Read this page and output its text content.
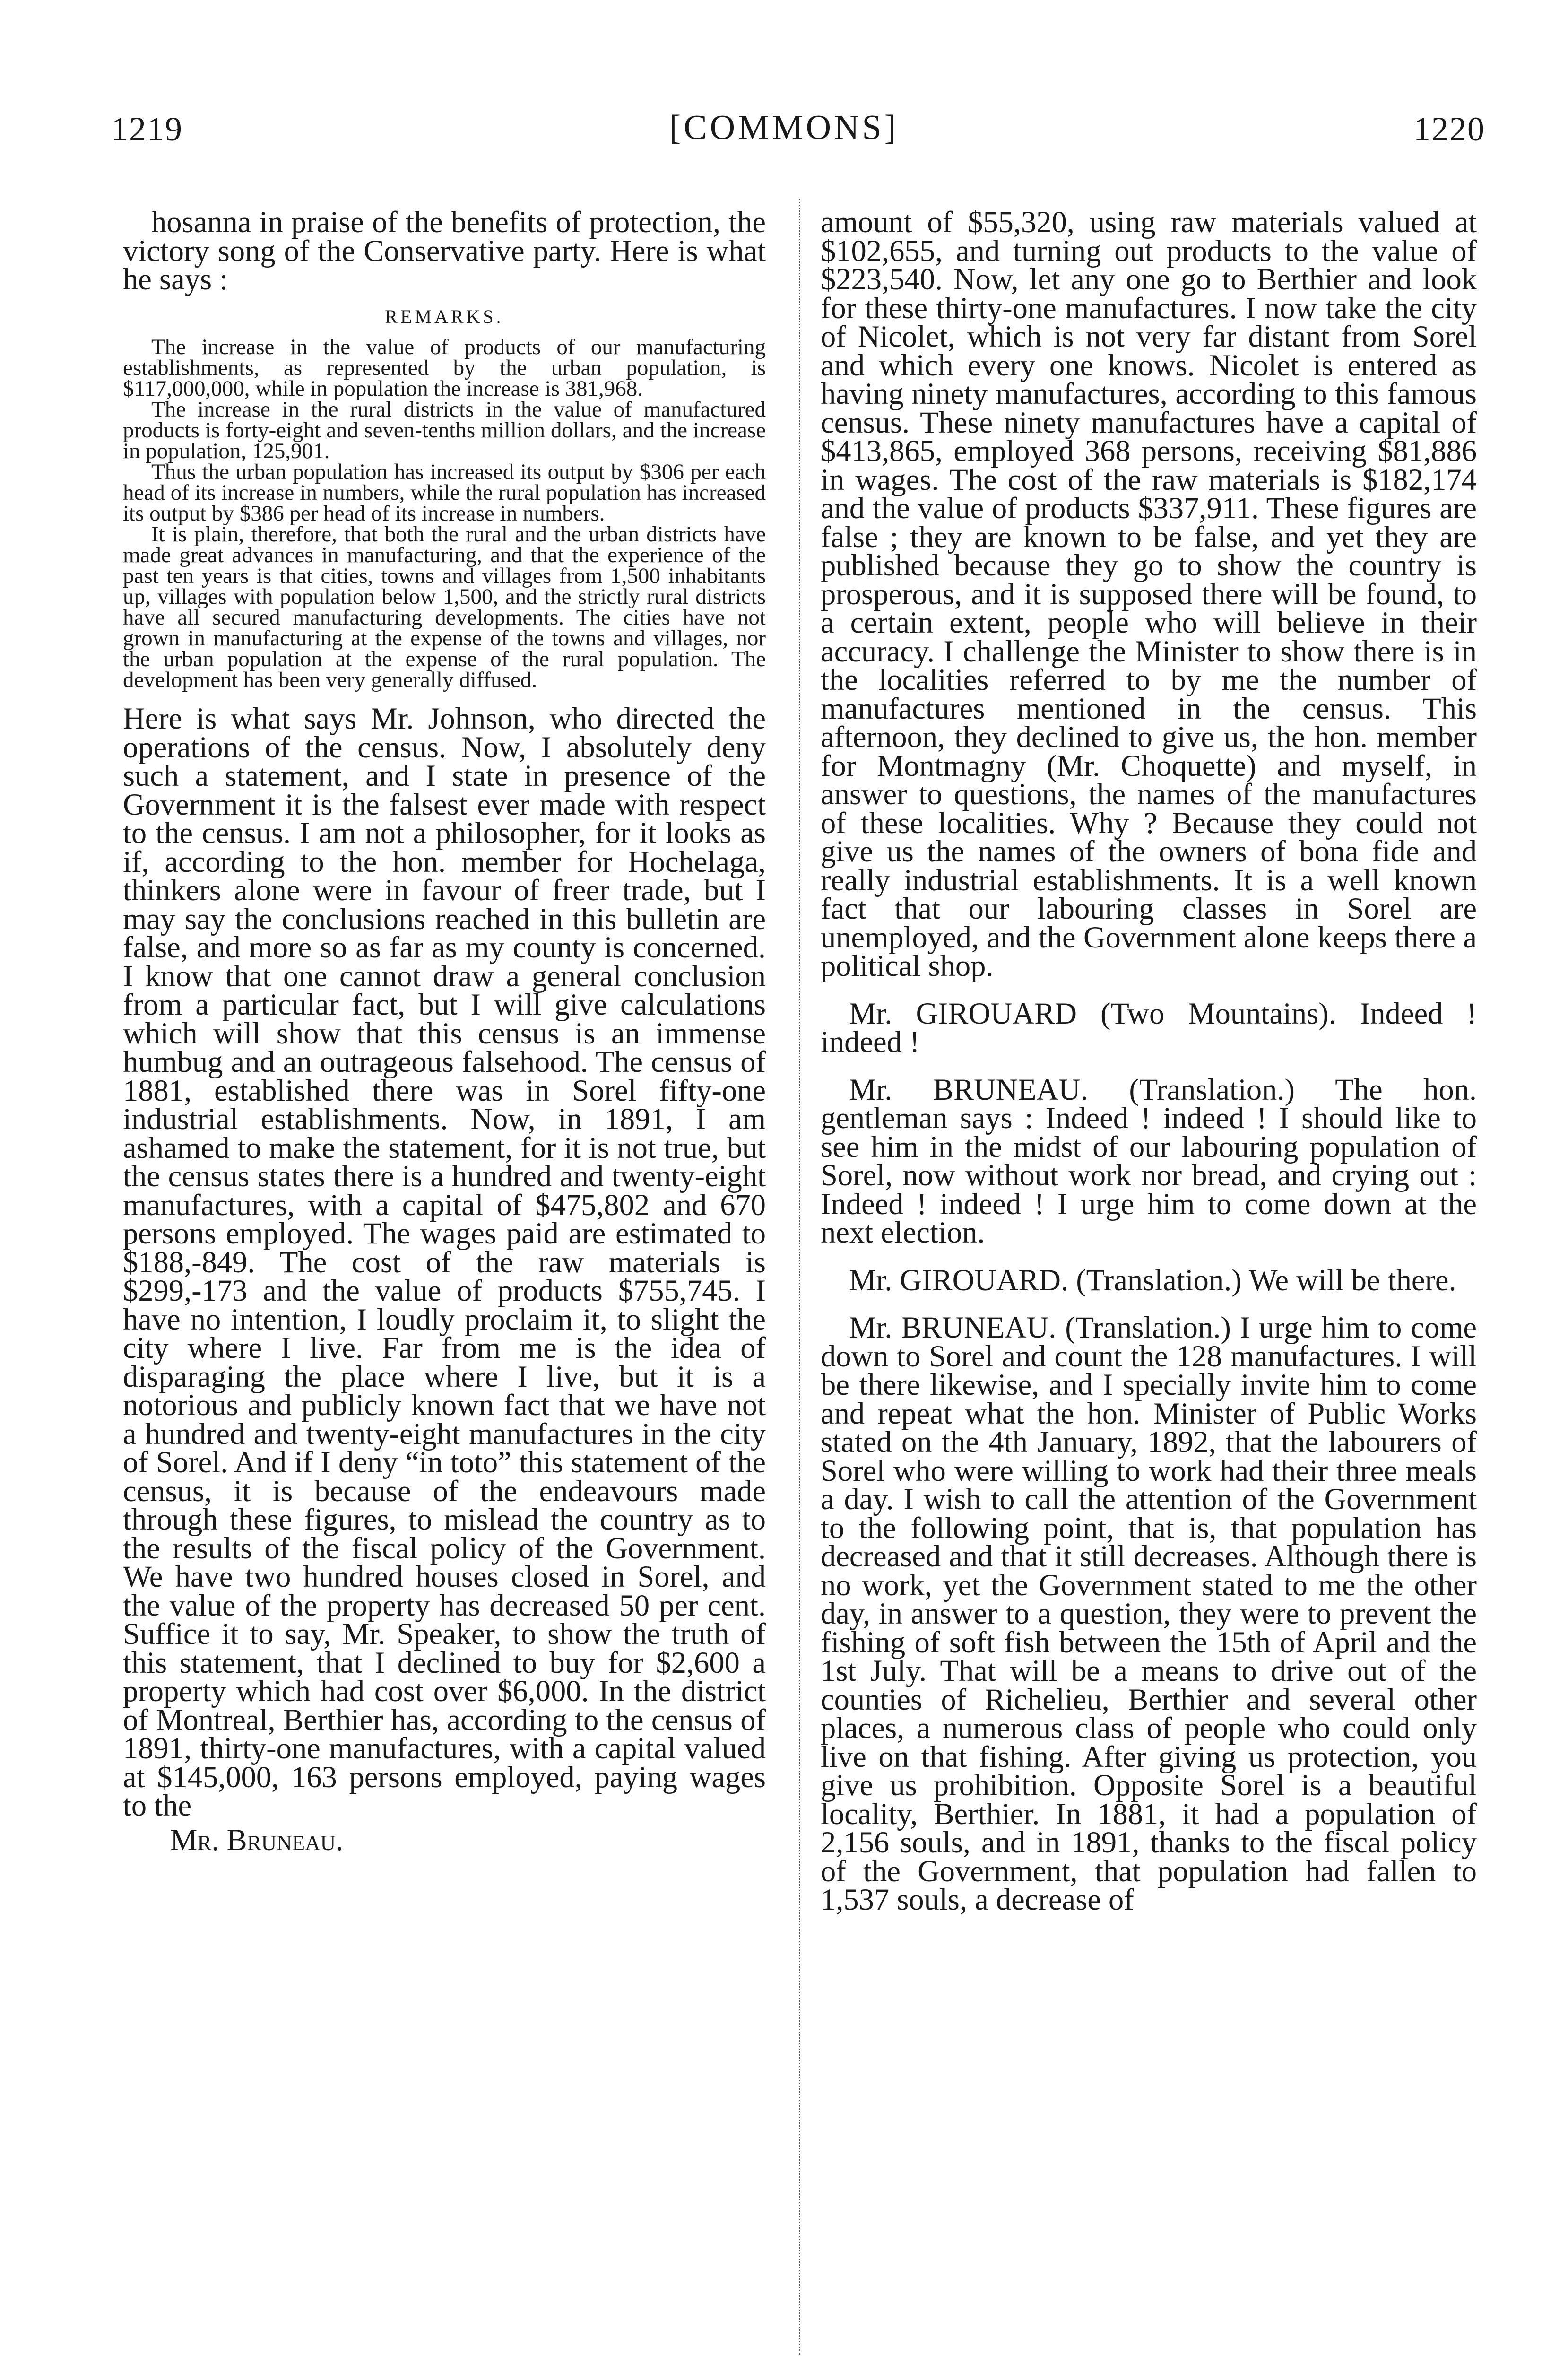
1219	[COMMONS]	1220

hosanna in praise of the benefits of protection, the victory song of the Conservative party. Here is what he says :

REMARKS.

The increase in the value of products of our manufacturing establishments, as represented by the urban population, is $117,000,000, while in population the increase is 381,968.

The increase in the rural districts in the value of manufactured products is forty-eight and seven-tenths million dollars, and the increase in population, 125,901.

Thus the urban population has increased its output by $306 per each head of its increase in numbers, while the rural population has increased its output by $386 per head of its increase in numbers.

It is plain, therefore, that both the rural and the urban districts have made great advances in manufacturing, and that the experience of the past ten years is that cities, towns and villages from 1,500 inhabitants up, villages with population below 1,500, and the strictly rural districts have all secured manufacturing developments. The cities have not grown in manufacturing at the expense of the towns and villages, nor the urban population at the expense of the rural population. The development has been very generally diffused.

Here is what says Mr. Johnson, who directed the operations of the census. Now, I absolutely deny such a statement, and I state in presence of the Government it is the falsest ever made with respect to the census. I am not a philosopher, for it looks as if, according to the hon. member for Hochelaga, thinkers alone were in favour of freer trade, but I may say the conclusions reached in this bulletin are false, and more so as far as my county is concerned. I know that one cannot draw a general conclusion from a particular fact, but I will give calculations which will show that this census is an immense humbug and an outrageous falsehood. The census of 1881, established there was in Sorel fifty-one industrial establishments. Now, in 1891, I am ashamed to make the statement, for it is not true, but the census states there is a hundred and twenty-eight manufactures, with a capital of $475,802 and 670 persons employed. The wages paid are estimated to $188,-849. The cost of the raw materials is $299,-173 and the value of products $755,745. I have no intention, I loudly proclaim it, to slight the city where I live. Far from me is the idea of disparaging the place where I live, but it is a notorious and publicly known fact that we have not a hundred and twenty-eight manufactures in the city of Sorel. And if I deny “in toto” this statement of the census, it is because of the endeavours made through these figures, to mislead the country as to the results of the fiscal policy of the Government. We have two hundred houses closed in Sorel, and the value of the property has decreased 50 per cent. Suffice it to say, Mr. Speaker, to show the truth of this statement, that I declined to buy for $2,600 a property which had cost over $6,000. In the district of Montreal, Berthier has, according to the census of 1891, thirty-one manufactures, with a capital valued at $145,000, 163 persons employed, paying wages to the

Mr. Bruneau.

amount of $55,320, using raw materials valued at $102,655, and turning out products to the value of $223,540. Now, let any one go to Berthier and look for these thirty-one manufactures. I now take the city of Nicolet, which is not very far distant from Sorel and which every one knows. Nicolet is entered as having ninety manufactures, according to this famous census. These ninety manufactures have a capital of $413,865, employed 368 persons, receiving $81,886 in wages. The cost of the raw materials is $182,174 and the value of products $337,911. These figures are false ; they are known to be false, and yet they are published because they go to show the country is prosperous, and it is supposed there will be found, to a certain extent, people who will believe in their accuracy. I challenge the Minister to show there is in the localities referred to by me the number of manufactures mentioned in the census. This afternoon, they declined to give us, the hon. member for Montmagny (Mr. Choquette) and myself, in answer to questions, the names of the manufactures of these localities. Why ? Because they could not give us the names of the owners of bona fide and really industrial establishments. It is a well known fact that our labouring classes in Sorel are unemployed, and the Government alone keeps there a political shop.

Mr. GIROUARD (Two Mountains). Indeed ! indeed !

Mr. BRUNEAU. (Translation.) The hon. gentleman says : Indeed ! indeed ! I should like to see him in the midst of our labouring population of Sorel, now without work nor bread, and crying out : Indeed ! indeed ! I urge him to come down at the next election.

Mr. GIROUARD. (Translation.) We will be there.

Mr. BRUNEAU. (Translation.) I urge him to come down to Sorel and count the 128 manufactures. I will be there likewise, and I specially invite him to come and repeat what the hon. Minister of Public Works stated on the 4th January, 1892, that the labourers of Sorel who were willing to work had their three meals a day. I wish to call the attention of the Government to the following point, that is, that population has decreased and that it still decreases. Although there is no work, yet the Government stated to me the other day, in answer to a question, they were to prevent the fishing of soft fish between the 15th of April and the 1st July. That will be a means to drive out of the counties of Richelieu, Berthier and several other places, a numerous class of people who could only live on that fishing. After giving us protection, you give us prohibition. Opposite Sorel is a beautiful locality, Berthier. In 1881, it had a population of 2,156 souls, and in 1891, thanks to the fiscal policy of the Government, that population had fallen to 1,537 souls, a decrease of
